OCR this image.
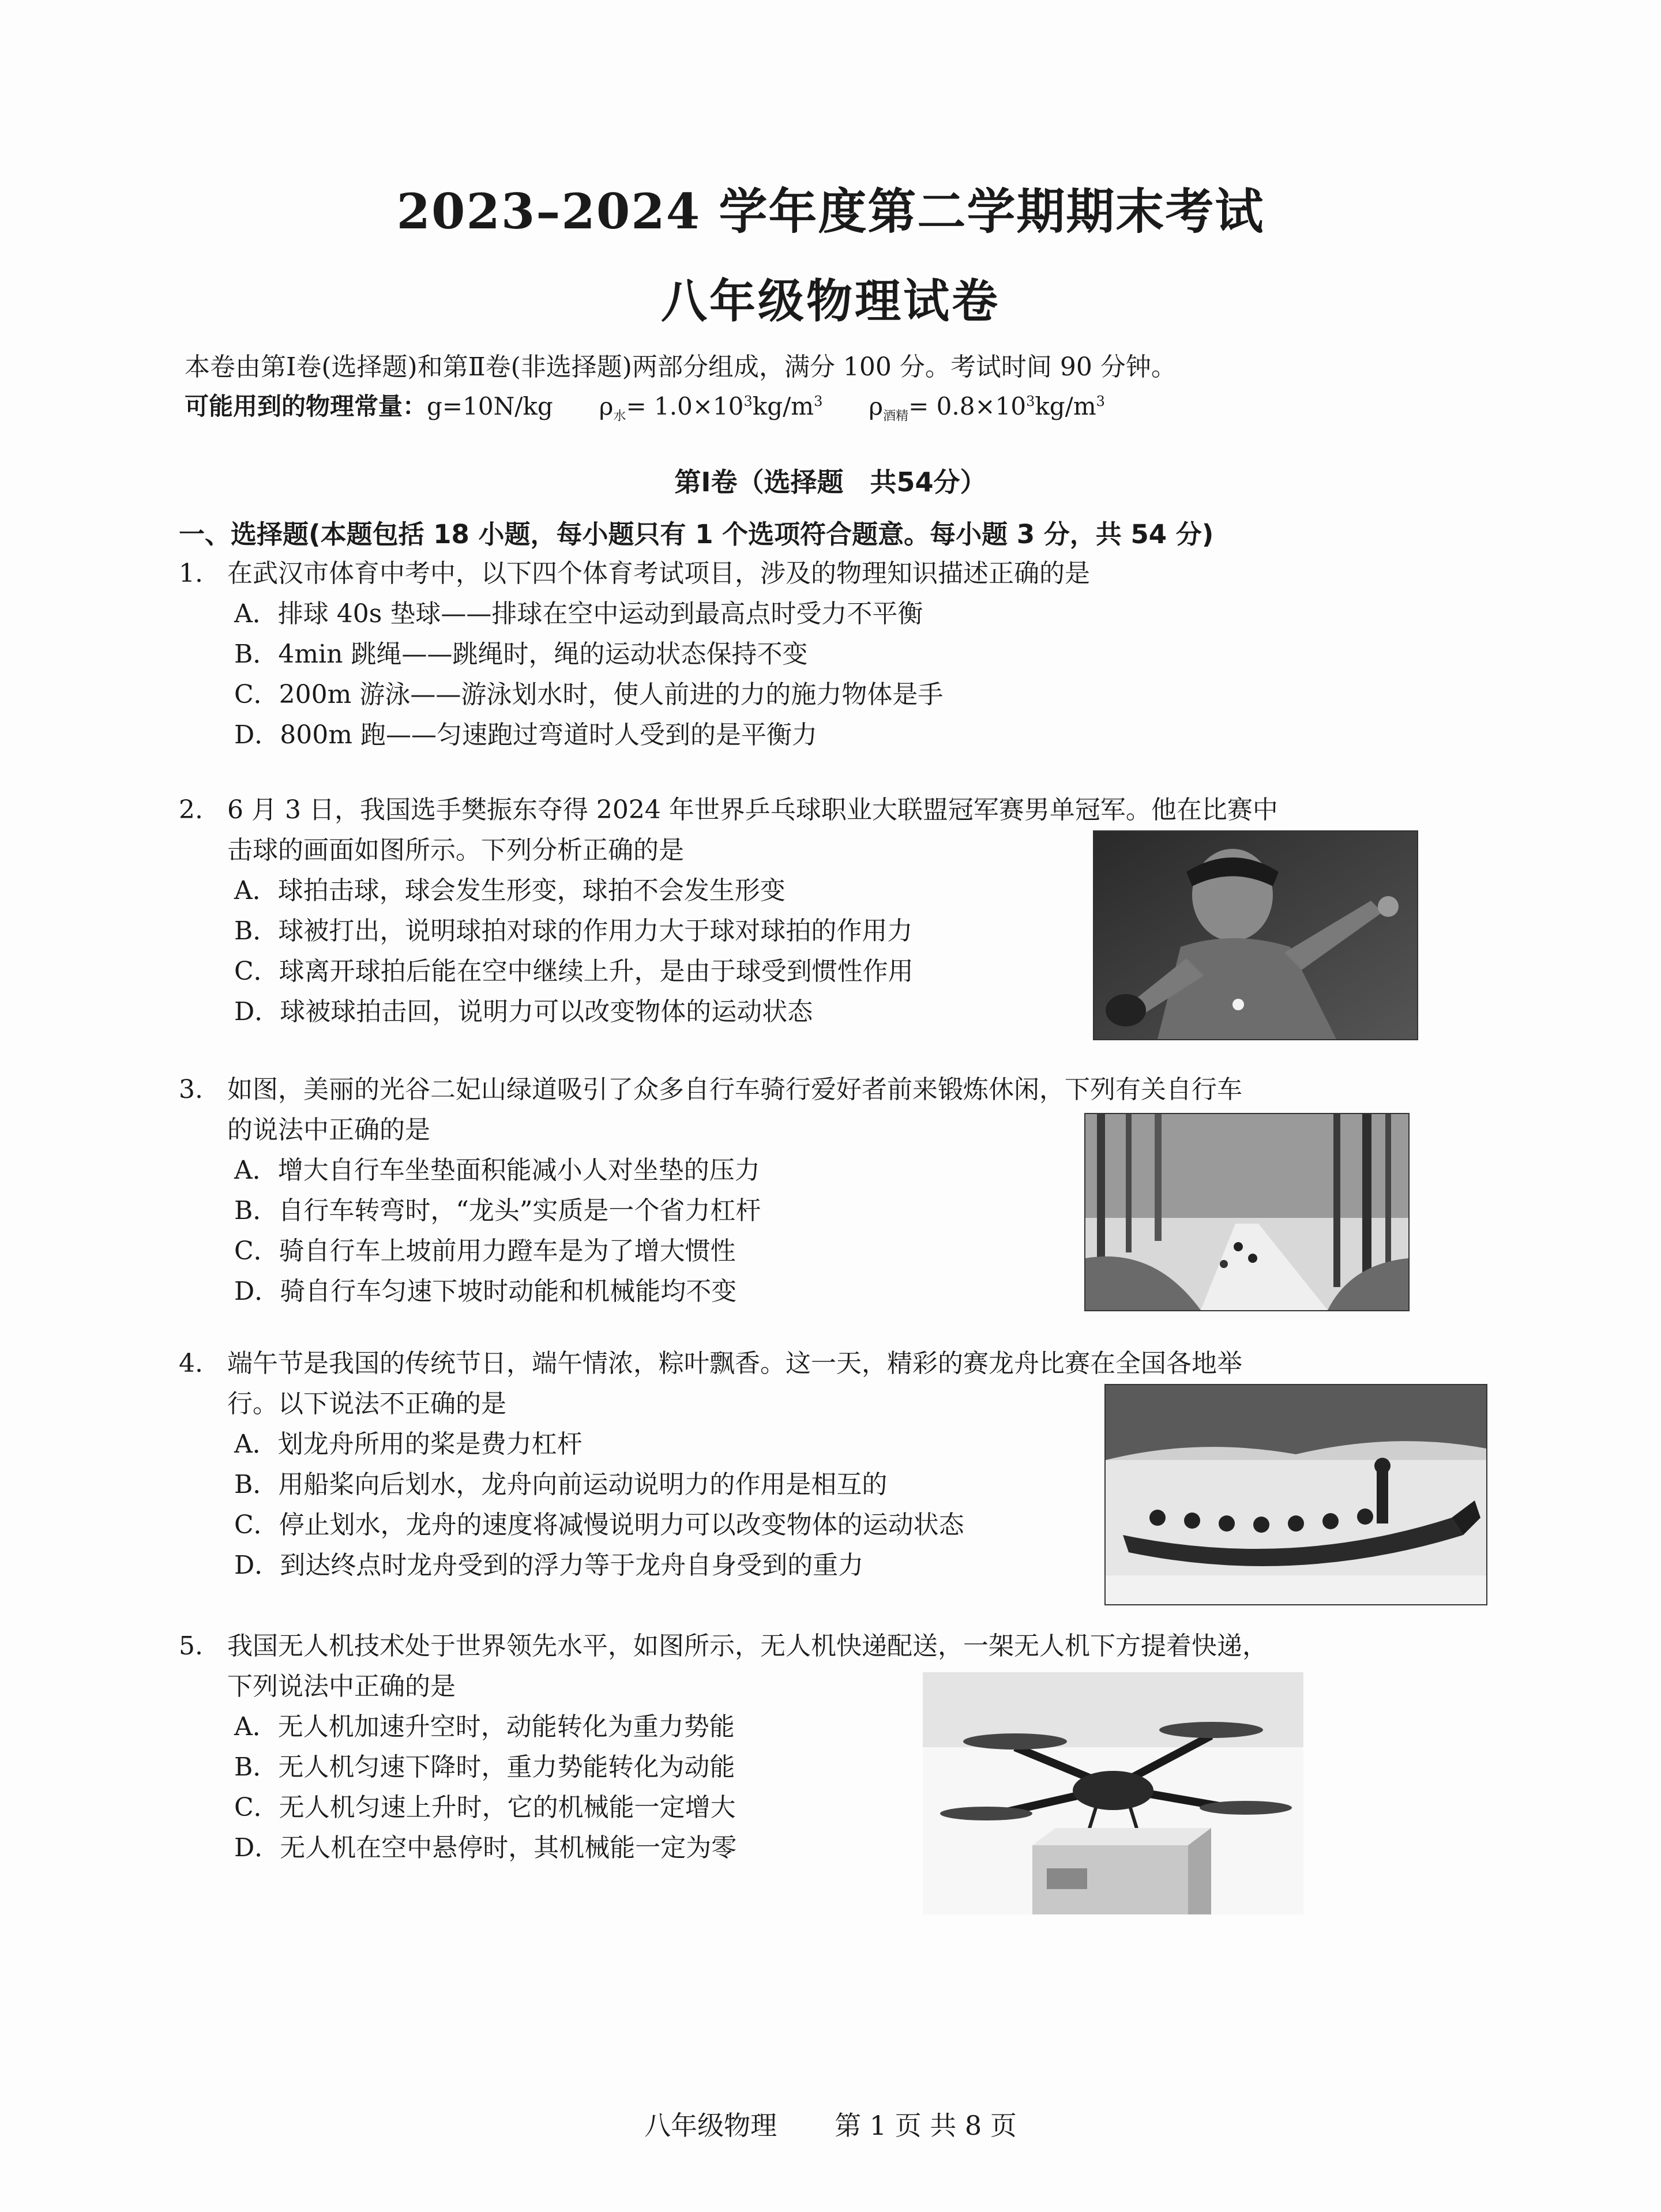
2023–2024 学年度第二学期期末考试
八年级物理试卷
本卷由第Ⅰ卷(选择题)和第Ⅱ卷(非选择题)两部分组成，满分 100 分。考试时间 90 分钟。
可能用到的物理常量：g=10N/kg $\rho_水= 1.0\times 10^3kg/m^3$ $\rho_{酒精}= 0.8\times 10^3kg/m^3$
第Ⅰ卷（选择题　共54分）
一、选择题(本题包括 18 小题，每小题只有 1 个选项符合题意。每小题 3 分，共 54 分)
1. 在武汉市体育中考中，以下四个体育考试项目，涉及的物理知识描述正确的是
A．排球 40s 垫球——排球在空中运动到最高点时受力不平衡
B．4min 跳绳——跳绳时，绳的运动状态保持不变
C．200m 游泳——游泳划水时，使人前进的力的施力物体是手
D．800m 跑——匀速跑过弯道时人受到的是平衡力
2. 6 月 3 日，我国选手樊振东夺得 2024 年世界乒乓球职业大联盟冠军赛男单冠军。他在比赛中
击球的画面如图所示。下列分析正确的是
A．球拍击球，球会发生形变，球拍不会发生形变
B．球被打出，说明球拍对球的作用力大于球对球拍的作用力
C．球离开球拍后能在空中继续上升，是由于球受到惯性作用
D．球被球拍击回，说明力可以改变物体的运动状态
3. 如图，美丽的光谷二妃山绿道吸引了众多自行车骑行爱好者前来锻炼休闲，下列有关自行车
的说法中正确的是
A．增大自行车坐垫面积能减小人对坐垫的压力
B．自行车转弯时，“龙头”实质是一个省力杠杆
C．骑自行车上坡前用力蹬车是为了增大惯性
D．骑自行车匀速下坡时动能和机械能均不变
4. 端午节是我国的传统节日，端午情浓，粽叶飘香。这一天，精彩的赛龙舟比赛在全国各地举
行。以下说法不正确的是
A．划龙舟所用的桨是费力杠杆
B．用船桨向后划水，龙舟向前运动说明力的作用是相互的
C．停止划水，龙舟的速度将减慢说明力可以改变物体的运动状态
D．到达终点时龙舟受到的浮力等于龙舟自身受到的重力
5. 我国无人机技术处于世界领先水平，如图所示，无人机快递配送，一架无人机下方提着快递，
下列说法中正确的是
A．无人机加速升空时，动能转化为重力势能
B．无人机匀速下降时，重力势能转化为动能
C．无人机匀速上升时，它的机械能一定增大
D．无人机在空中悬停时，其机械能一定为零
八年级物理 第 1 页 共 8 页
